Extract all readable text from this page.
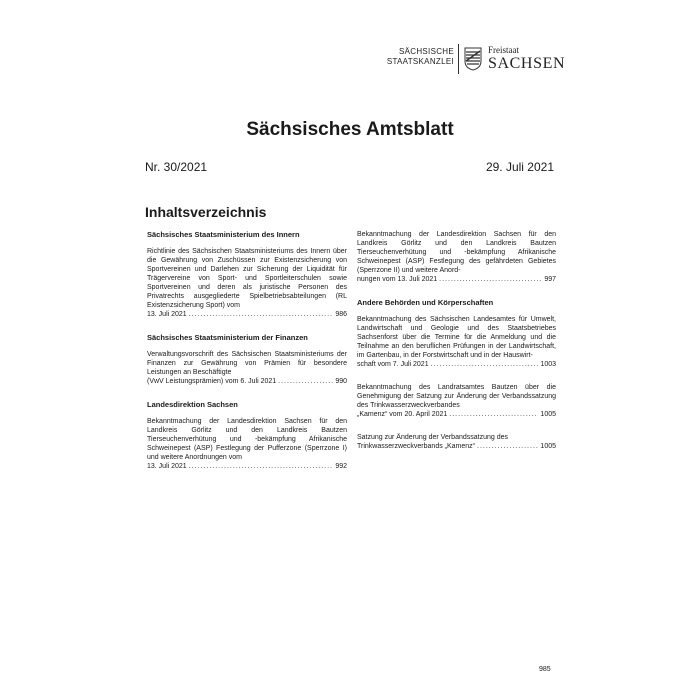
SÄCHSISCHE
STAATSKANZLEI
Freistaat
SACHSEN
Sächsisches Amtsblatt
Nr. 30/2021	29. Juli 2021
Inhaltsverzeichnis
Sächsisches Staatsministerium des Innern
Richtlinie des Sächsischen Staatsministeriums des Innern über die Gewährung von Zuschüssen zur Existenzsicherung von Sportvereinen und Darlehen zur Sicherung der Liquidität für Trägervereine von Sport- und Sportleiterschulen sowie Sportvereinen und deren als juristische Personen des Privatrechts ausgegliederte Spielbetriebsabteilungen (RL Existenzsicherung Sport) vom
13. Juli 2021 .....	986
Sächsisches Staatsministerium der Finanzen
Verwaltungsvorschrift des Sächsischen Staatsministeriums der Finanzen zur Gewährung von Prämien für besondere Leistungen an Beschäftigte
(VwV Leistungsprämien) vom 6. Juli 2021 .....	990
Landesdirektion Sachsen
Bekanntmachung der Landesdirektion Sachsen für den Landkreis Görlitz und den Landkreis Bautzen Tierseuchenverhütung und -bekämpfung Afrikanische Schweinepest (ASP) Festlegung der Pufferzone (Sperrzone I) und weitere Anordnungen vom
13. Juli 2021 .....	992
Bekanntmachung der Landesdirektion Sachsen für den Landkreis Görlitz und den Landkreis Bautzen Tierseuchenverhütung und -bekämpfung Afrikanische Schweinepest (ASP) Festlegung des gefährdeten Gebietes (Sperrzone II) und weitere Anord-
nungen vom 13. Juli 2021 .....	997
Andere Behörden und Körperschaften
Bekanntmachung des Sächsischen Landesamtes für Umwelt, Landwirtschaft und Geologie und des Staatsbetriebes Sachsenforst über die Termine für die Anmeldung und die Teilnahme an den beruflichen Prüfungen in der Landwirtschaft, im Gartenbau, in der Forstwirtschaft und in der Hauswirt-
schaft vom 7. Juli 2021 .....	1003
Bekanntmachung des Landratsamtes Bautzen über die Genehmigung der Satzung zur Änderung der Verbandssatzung des Trinkwasserzweckverbandes
„Kamenz“ vom 20. April 2021 .....	1005
Satzung zur Änderung der Verbandssatzung des
Trinkwasserzweckverbands „Kamenz“ .....	1005
985
